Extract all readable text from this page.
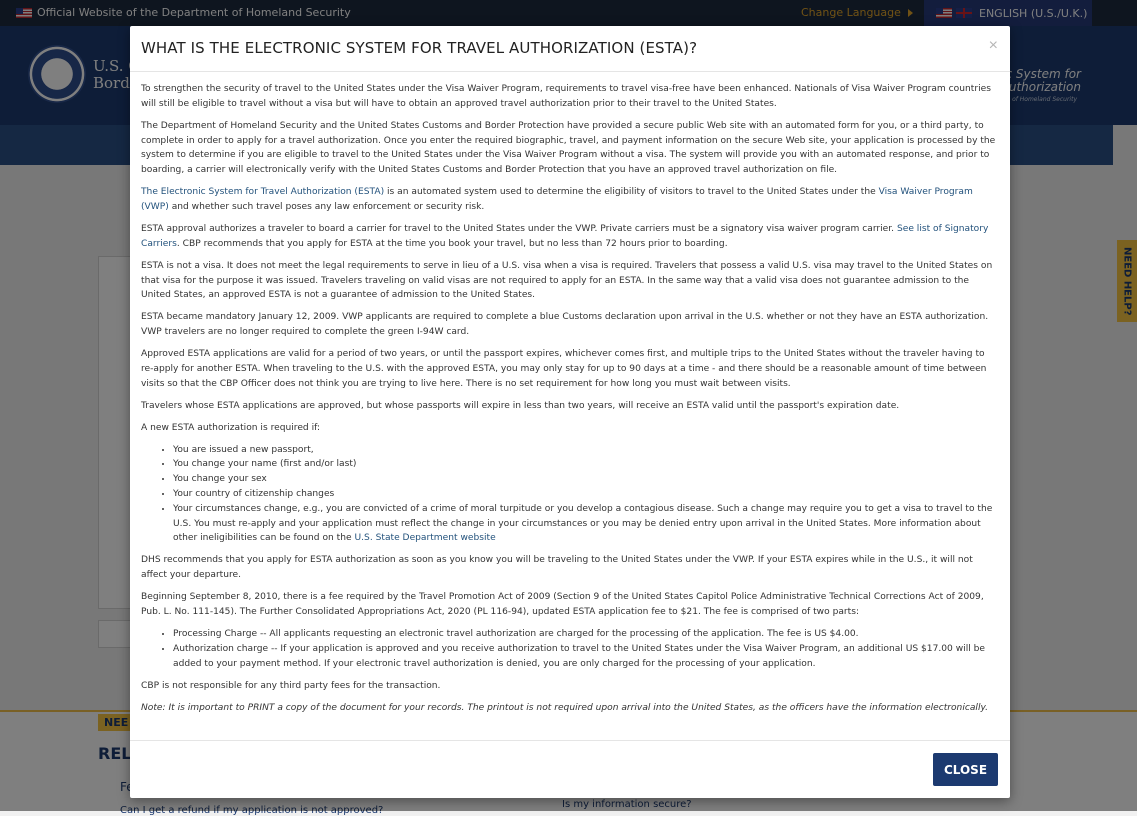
WHAT IS THE ELECTRONIC SYSTEM FOR TRAVEL AUTHORIZATION (ESTA)?	×

To strengthen the security of travel to the United States under the Visa Waiver Program, requirements to travel visa-free have been enhanced. Nationals of Visa Waiver Program countries will still be eligible to travel without a visa but will have to obtain an approved travel authorization prior to their travel to the United States.

The Department of Homeland Security and the United States Customs and Border Protection have provided a secure public Web site with an automated form for you, or a third party, to complete in order to apply for a travel authorization. Once you enter the required biographic, travel, and payment information on the secure Web site, your application is processed by the system to determine if you are eligible to travel to the United States under the Visa Waiver Program without a visa. The system will provide you with an automated response, and prior to boarding, a carrier will electronically verify with the United States Customs and Border Protection that you have an approved travel authorization on file.

The Electronic System for Travel Authorization (ESTA) is an automated system used to determine the eligibility of visitors to travel to the United States under the Visa Waiver Program (VWP) and whether such travel poses any law enforcement or security risk.

ESTA approval authorizes a traveler to board a carrier for travel to the United States under the VWP. Private carriers must be a signatory visa waiver program carrier. See list of Signatory Carriers. CBP recommends that you apply for ESTA at the time you book your travel, but no less than 72 hours prior to boarding.

ESTA is not a visa. It does not meet the legal requirements to serve in lieu of a U.S. visa when a visa is required. Travelers that possess a valid U.S. visa may travel to the United States on that visa for the purpose it was issued. Travelers traveling on valid visas are not required to apply for an ESTA. In the same way that a valid visa does not guarantee admission to the United States, an approved ESTA is not a guarantee of admission to the United States.

ESTA became mandatory January 12, 2009. VWP applicants are required to complete a blue Customs declaration upon arrival in the U.S. whether or not they have an ESTA authorization. VWP travelers are no longer required to complete the green I-94W card.

Approved ESTA applications are valid for a period of two years, or until the passport expires, whichever comes first, and multiple trips to the United States without the traveler having to re-apply for another ESTA. When traveling to the U.S. with the approved ESTA, you may only stay for up to 90 days at a time - and there should be a reasonable amount of time between visits so that the CBP Officer does not think you are trying to live here. There is no set requirement for how long you must wait between visits.

Travelers whose ESTA applications are approved, but whose passports will expire in less than two years, will receive an ESTA valid until the passport's expiration date.

A new ESTA authorization is required if:

• You are issued a new passport,
• You change your name (first and/or last)
• You change your sex
• Your country of citizenship changes
• Your circumstances change, e.g., you are convicted of a crime of moral turpitude or you develop a contagious disease. Such a change may require you to get a visa to travel to the U.S. You must re-apply and your application must reflect the change in your circumstances or you may be denied entry upon arrival in the United States. More information about other ineligibilities can be found on the U.S. State Department website

DHS recommends that you apply for ESTA authorization as soon as you know you will be traveling to the United States under the VWP. If your ESTA expires while in the U.S., it will not affect your departure.

Beginning September 8, 2010, there is a fee required by the Travel Promotion Act of 2009 (Section 9 of the United States Capitol Police Administrative Technical Corrections Act of 2009, Pub. L. No. 111-145). The Further Consolidated Appropriations Act, 2020 (PL 116-94), updated ESTA application fee to $21. The fee is comprised of two parts:

• Processing Charge -- All applicants requesting an electronic travel authorization are charged for the processing of the application. The fee is US $4.00.
• Authorization charge -- If your application is approved and you receive authorization to travel to the United States under the Visa Waiver Program, an additional US $17.00 will be added to your payment method. If your electronic travel authorization is denied, you are only charged for the processing of your application.

CBP is not responsible for any third party fees for the transaction.

Note: It is important to PRINT a copy of the document for your records. The printout is not required upon arrival into the United States, as the officers have the information electronically.

CLOSE
